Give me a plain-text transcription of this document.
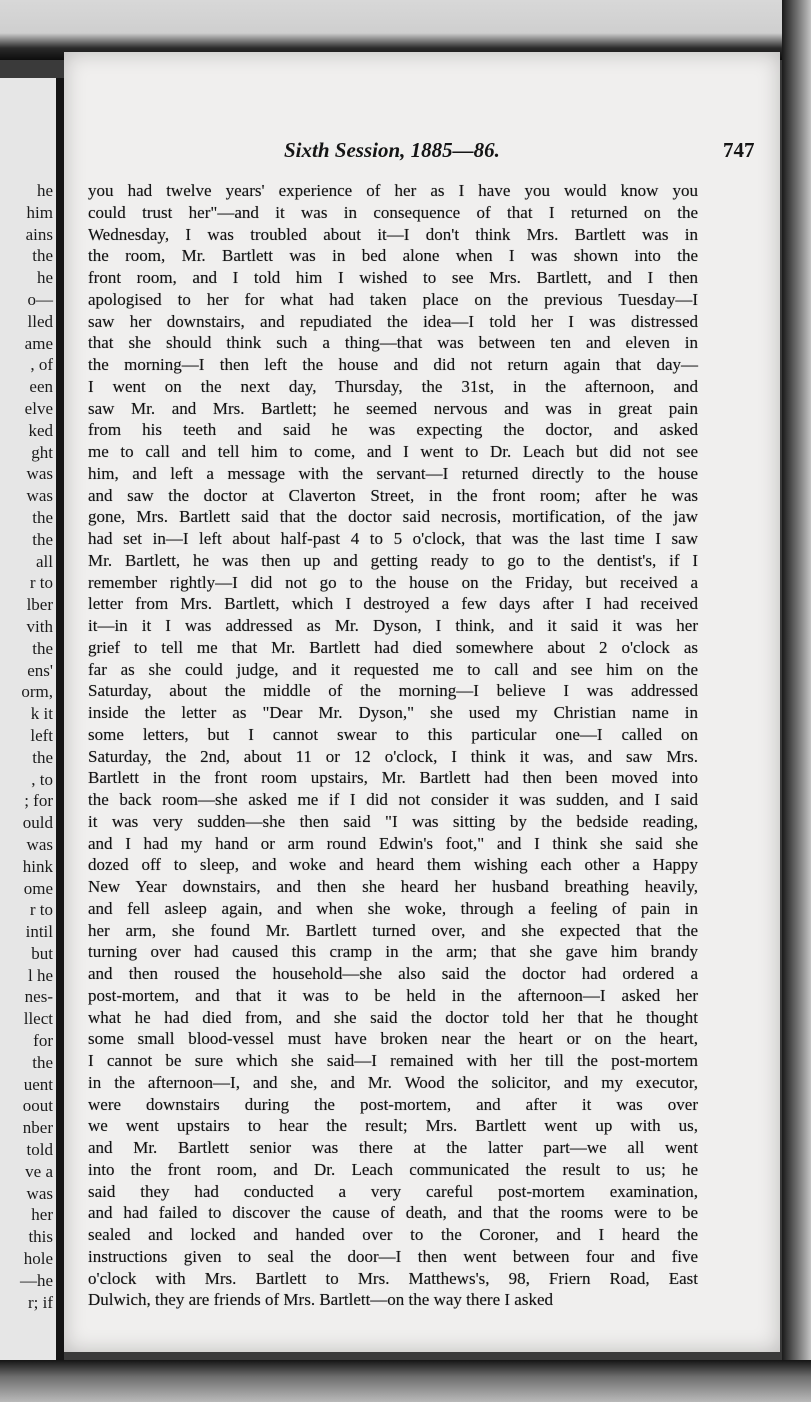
he
him
ains
the
he
o—
lled
ame
, of
een
elve
ked
ght
was
was
the
the
all
r to
lber
vith
the
ens'
orm,
k it
left
the
, to
; for
ould
was
hink
ome
r to
intil
but
l he
nes-
llect
for
the
uent
oout
nber
told
ve a
was
her
this
hole
—he
r; if
Sixth Session, 1885—86.	747
you had twelve years' experience of her as I have you would know you
could trust her"—and it was in consequence of that I returned on the
Wednesday, I was troubled about it—I don't think Mrs. Bartlett was in
the room, Mr. Bartlett was in bed alone when I was shown into the
front room, and I told him I wished to see Mrs. Bartlett, and I then
apologised to her for what had taken place on the previous Tuesday—I
saw her downstairs, and repudiated the idea—I told her I was distressed
that she should think such a thing—that was between ten and eleven in
the morning—I then left the house and did not return again that day—
I went on the next day, Thursday, the 31st, in the afternoon, and
saw Mr. and Mrs. Bartlett; he seemed nervous and was in great pain
from his teeth and said he was expecting the doctor, and asked
me to call and tell him to come, and I went to Dr. Leach but did not see
him, and left a message with the servant—I returned directly to the house
and saw the doctor at Claverton Street, in the front room; after he was
gone, Mrs. Bartlett said that the doctor said necrosis, mortification, of the jaw
had set in—I left about half-past 4 to 5 o'clock, that was the last time I saw
Mr. Bartlett, he was then up and getting ready to go to the dentist's, if I
remember rightly—I did not go to the house on the Friday, but received a
letter from Mrs. Bartlett, which I destroyed a few days after I had received
it—in it I was addressed as Mr. Dyson, I think, and it said it was her
grief to tell me that Mr. Bartlett had died somewhere about 2 o'clock as
far as she could judge, and it requested me to call and see him on the
Saturday, about the middle of the morning—I believe I was addressed
inside the letter as "Dear Mr. Dyson," she used my Christian name in
some letters, but I cannot swear to this particular one—I called on
Saturday, the 2nd, about 11 or 12 o'clock, I think it was, and saw Mrs.
Bartlett in the front room upstairs, Mr. Bartlett had then been moved into
the back room—she asked me if I did not consider it was sudden, and I said
it was very sudden—she then said "I was sitting by the bedside reading,
and I had my hand or arm round Edwin's foot," and I think she said she
dozed off to sleep, and woke and heard them wishing each other a Happy
New Year downstairs, and then she heard her husband breathing heavily,
and fell asleep again, and when she woke, through a feeling of pain in
her arm, she found Mr. Bartlett turned over, and she expected that the
turning over had caused this cramp in the arm; that she gave him brandy
and then roused the household—she also said the doctor had ordered a
post-mortem, and that it was to be held in the afternoon—I asked her
what he had died from, and she said the doctor told her that he thought
some small blood-vessel must have broken near the heart or on the heart,
I cannot be sure which she said—I remained with her till the post-mortem
in the afternoon—I, and she, and Mr. Wood the solicitor, and my executor,
were downstairs during the post-mortem, and after it was over
we went upstairs to hear the result; Mrs. Bartlett went up with us,
and Mr. Bartlett senior was there at the latter part—we all went
into the front room, and Dr. Leach communicated the result to us; he
said they had conducted a very careful post-mortem examination,
and had failed to discover the cause of death, and that the rooms were to be
sealed and locked and handed over to the Coroner, and I heard the
instructions given to seal the door—I then went between four and five
o'clock with Mrs. Bartlett to Mrs. Matthews's, 98, Friern Road, East
Dulwich, they are friends of Mrs. Bartlett—on the way there I asked
